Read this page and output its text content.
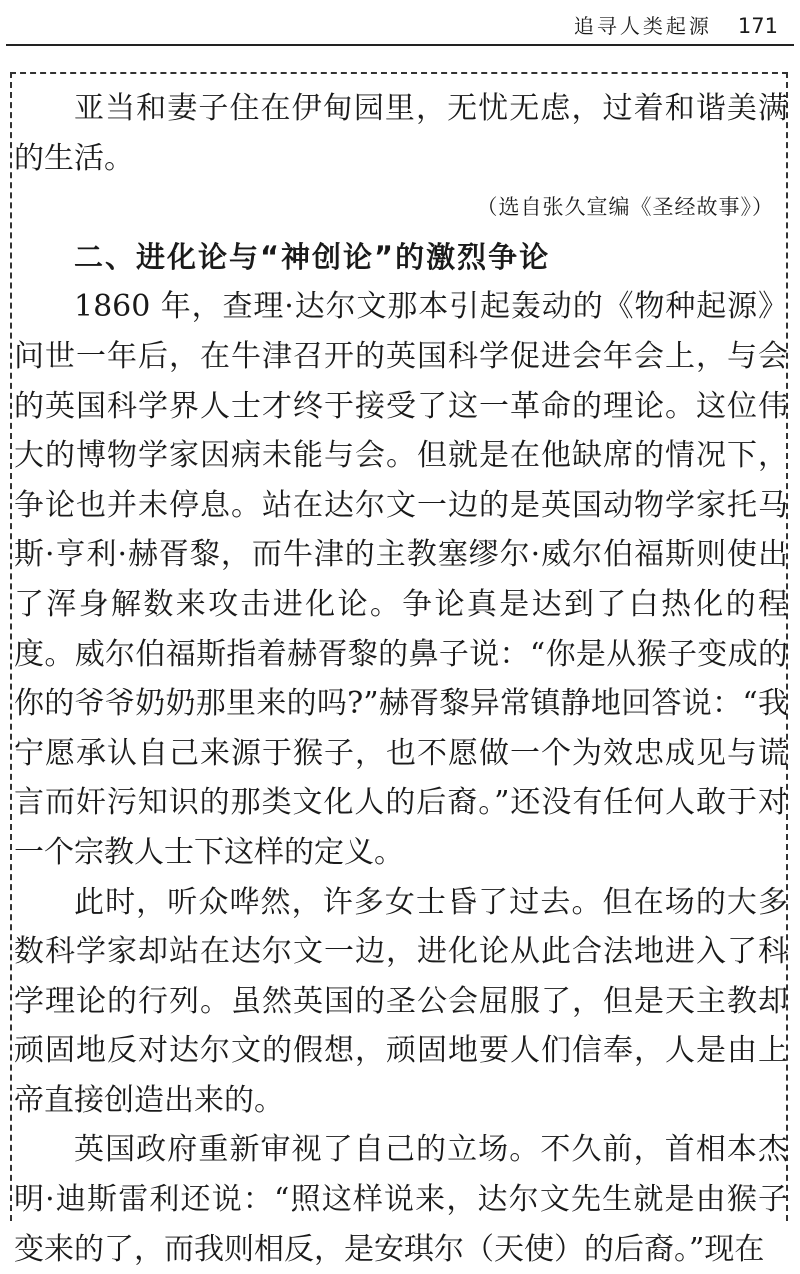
追寻人类起源 171

亚当和妻子住在伊甸园里，无忧无虑，过着和谐美满的生活。

（选自张久宣编《圣经故事》）

二、进化论与“神创论”的激烈争论

1860 年，查理·达尔文那本引起轰动的《物种起源》问世一年后，在牛津召开的英国科学促进会年会上，与会的英国科学界人士才终于接受了这一革命的理论。这位伟大的博物学家因病未能与会。但就是在他缺席的情况下，争论也并未停息。站在达尔文一边的是英国动物学家托马斯·亨利·赫胥黎，而牛津的主教塞缪尔·威尔伯福斯则使出了浑身解数来攻击进化论。争论真是达到了白热化的程度。威尔伯福斯指着赫胥黎的鼻子说：“你是从猴子变成的你的爷爷奶奶那里来的吗?”赫胥黎异常镇静地回答说：“我宁愿承认自己来源于猴子，也不愿做一个为效忠成见与谎言而奸污知识的那类文化人的后裔。”还没有任何人敢于对一个宗教人士下这样的定义。

此时，听众哗然，许多女士昏了过去。但在场的大多数科学家却站在达尔文一边，进化论从此合法地进入了科学理论的行列。虽然英国的圣公会屈服了，但是天主教却顽固地反对达尔文的假想，顽固地要人们信奉，人是由上帝直接创造出来的。

英国政府重新审视了自己的立场。不久前，首相本杰明·迪斯雷利还说：“照这样说来，达尔文先生就是由猴子变来的了，而我则相反，是安琪尔（天使）的后裔。”现在
